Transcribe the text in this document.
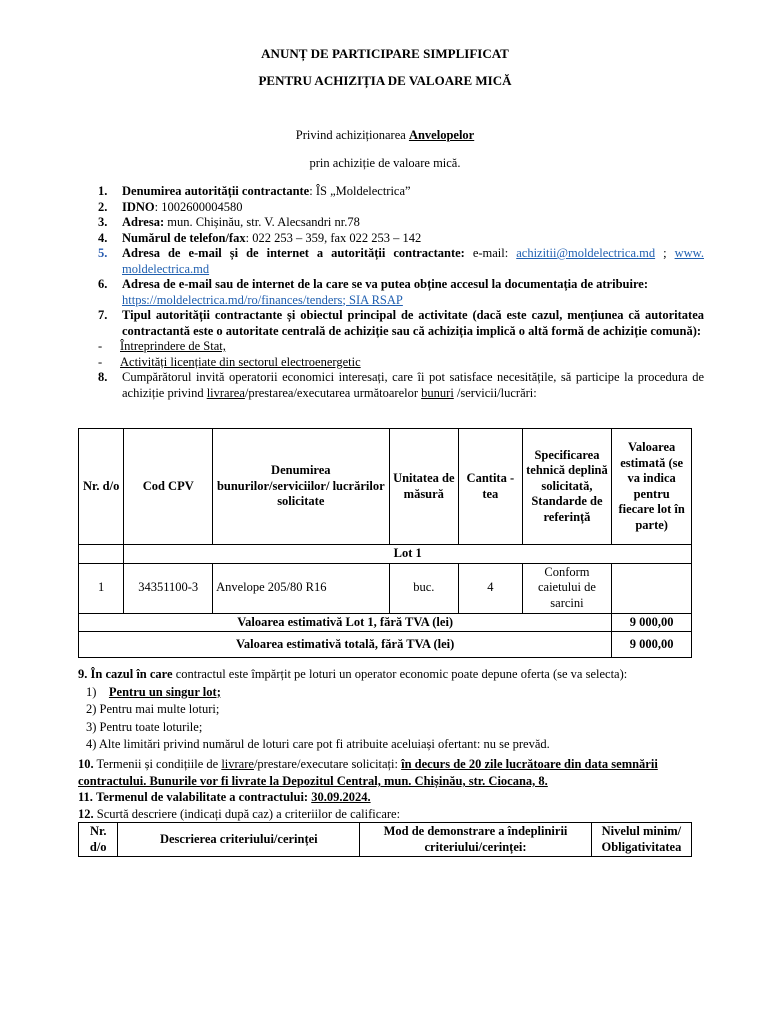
ANUNȚ DE PARTICIPARE SIMPLIFICAT
PENTRU ACHIZIȚIA DE VALOARE MICĂ
Privind achiziționarea Anvelopelor
prin achiziție de valoare mică.
1. Denumirea autorității contractante: ÎS „Moldelectrica”
2. IDNO: 1002600004580
3. Adresa: mun. Chișinău, str. V. Alecsandri nr.78
4. Numărul de telefon/fax: 022 253 – 359, fax 022 253 – 142
5. Adresa de e-mail și de internet a autorității contractante: e-mail: achizitii@moldelectrica.md ; www. moldelectrica.md
6. Adresa de e-mail sau de internet de la care se va putea obține accesul la documentația de atribuire:
https://moldelectrica.md/ro/finances/tenders; SIA RSAP
7. Tipul autorității contractante și obiectul principal de activitate (dacă este cazul, mențiunea că autoritatea contractantă este o autoritate centrală de achiziție sau că achiziția implică o altă formă de achiziție comună):
- Întreprindere de Stat,
- Activități licențiate din sectorul electroenergetic
8. Cumpărătorul invită operatorii economici interesați, care îi pot satisface necesitățile, să participe la procedura de achiziție privind livrarea/prestarea/executarea următoarelor bunuri /servicii/lucrări:
Nr. d/o	Cod CPV	Denumirea bunurilor/serviciilor/ lucrărilor solicitate	Unitatea de măsură	Cantita -tea	Specificarea tehnică deplină solicitată, Standarde de referință	Valoarea estimată (se va indica pentru fiecare lot în parte)
	Lot 1					
1	34351100-3	Anvelope 205/80 R16	buc.	4	Conform caietului de sarcini	
Valoarea estimativă Lot 1, fără TVA (lei)						9 000,00
Valoarea estimativă totală, fără TVA (lei)						9 000,00
9. În cazul în care contractul este împărțit pe loturi un operator economic poate depune oferta (se va selecta):
1) Pentru un singur lot;
2) Pentru mai multe loturi;
3) Pentru toate loturile;
4) Alte limitări privind numărul de loturi care pot fi atribuite aceluiași ofertant: nu se prevăd.
10. Termenii și condițiile de livrare/prestare/executare solicitați: în decurs de 20 zile lucrătoare din data semnării contractului. Bunurile vor fi livrate la Depozitul Central, mun. Chișinău, str. Ciocana, 8.
11. Termenul de valabilitate a contractului: 30.09.2024.
12. Scurtă descriere (indicați după caz) a criteriilor de calificare:
Nr. d/o	Descrierea criteriului/cerinței	Mod de demonstrare a îndeplinirii criteriului/cerinței:	Nivelul minim/ Obligativitatea
